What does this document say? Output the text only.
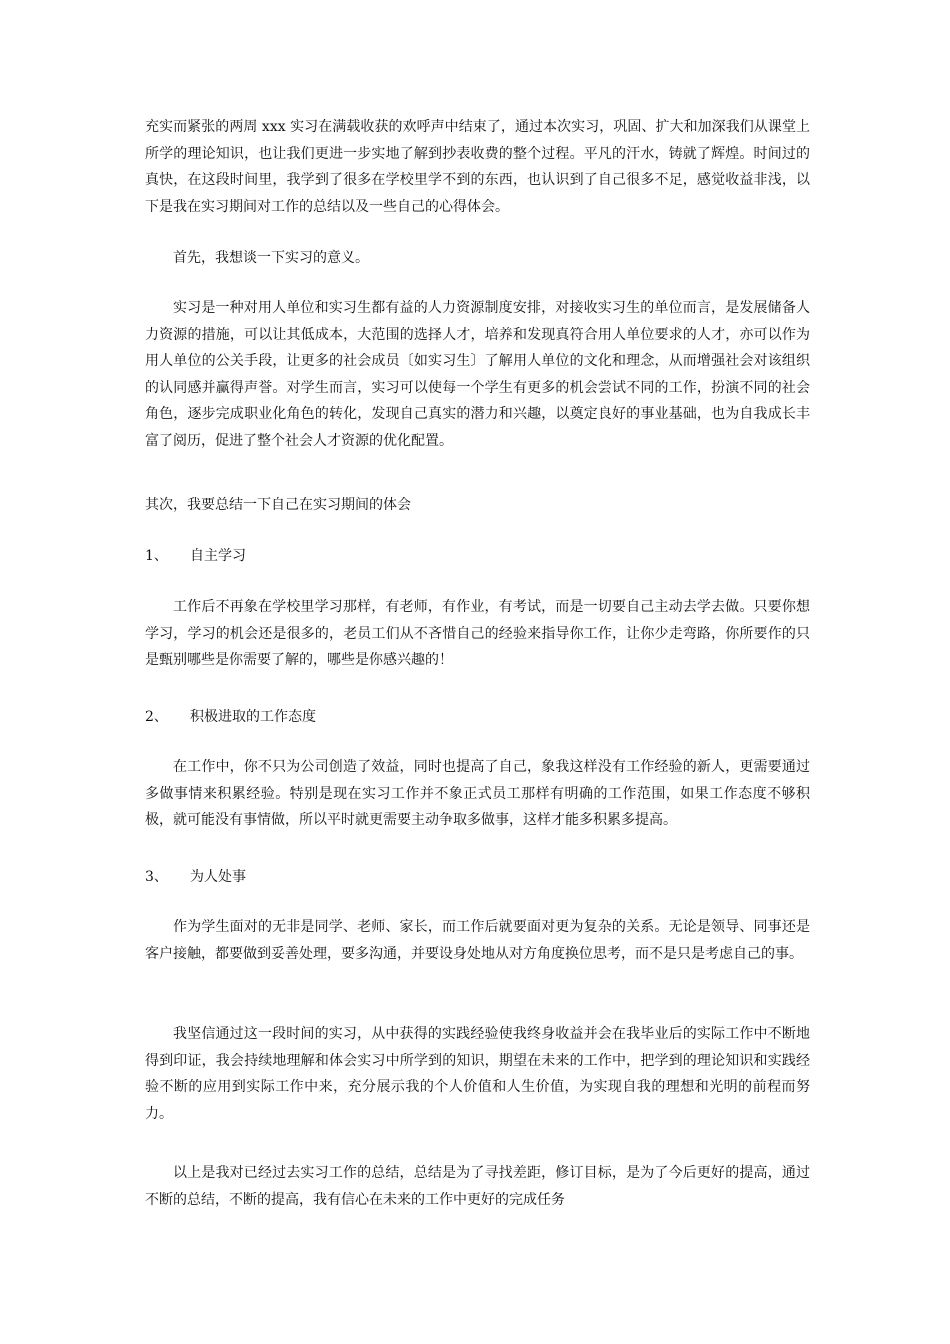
充实而紧张的两周 xxx 实习在满载收获的欢呼声中结束了，通过本次实习，巩固、扩大和加深我们从课堂上所学的理论知识，也让我们更进一步实地了解到抄表收费的整个过程。平凡的汗水，铸就了辉煌。时间过的真快，在这段时间里，我学到了很多在学校里学不到的东西，也认识到了自己很多不足，感觉收益非浅，以下是我在实习期间对工作的总结以及一些自己的心得体会。

首先，我想谈一下实习的意义。

实习是一种对用人单位和实习生都有益的人力资源制度安排，对接收实习生的单位而言，是发展储备人力资源的措施，可以让其低成本，大范围的选择人才，培养和发现真符合用人单位要求的人才，亦可以作为用人单位的公关手段，让更多的社会成员〔如实习生〕了解用人单位的文化和理念，从而增强社会对该组织的认同感并赢得声誉。对学生而言，实习可以使每一个学生有更多的机会尝试不同的工作，扮演不同的社会角色，逐步完成职业化角色的转化，发现自己真实的潜力和兴趣，以奠定良好的事业基础，也为自我成长丰富了阅历，促进了整个社会人才资源的优化配置。

其次，我要总结一下自己在实习期间的体会

1、 自主学习

工作后不再象在学校里学习那样，有老师，有作业，有考试，而是一切要自己主动去学去做。只要你想学习，学习的机会还是很多的，老员工们从不吝惜自己的经验来指导你工作，让你少走弯路，你所要作的只是甄别哪些是你需要了解的，哪些是你感兴趣的！

2、 积极进取的工作态度

在工作中，你不只为公司创造了效益，同时也提高了自己，象我这样没有工作经验的新人，更需要通过多做事情来积累经验。特别是现在实习工作并不象正式员工那样有明确的工作范围，如果工作态度不够积极，就可能没有事情做，所以平时就更需要主动争取多做事，这样才能多积累多提高。

3、 为人处事

作为学生面对的无非是同学、老师、家长，而工作后就要面对更为复杂的关系。无论是领导、同事还是客户接触，都要做到妥善处理，要多沟通，并要设身处地从对方角度换位思考，而不是只是考虑自己的事。

我坚信通过这一段时间的实习，从中获得的实践经验使我终身收益并会在我毕业后的实际工作中不断地得到印证，我会持续地理解和体会实习中所学到的知识，期望在未来的工作中，把学到的理论知识和实践经验不断的应用到实际工作中来，充分展示我的个人价值和人生价值，为实现自我的理想和光明的前程而努力。

以上是我对已经过去实习工作的总结，总结是为了寻找差距，修订目标，是为了今后更好的提高，通过不断的总结，不断的提高，我有信心在未来的工作中更好的完成任务
